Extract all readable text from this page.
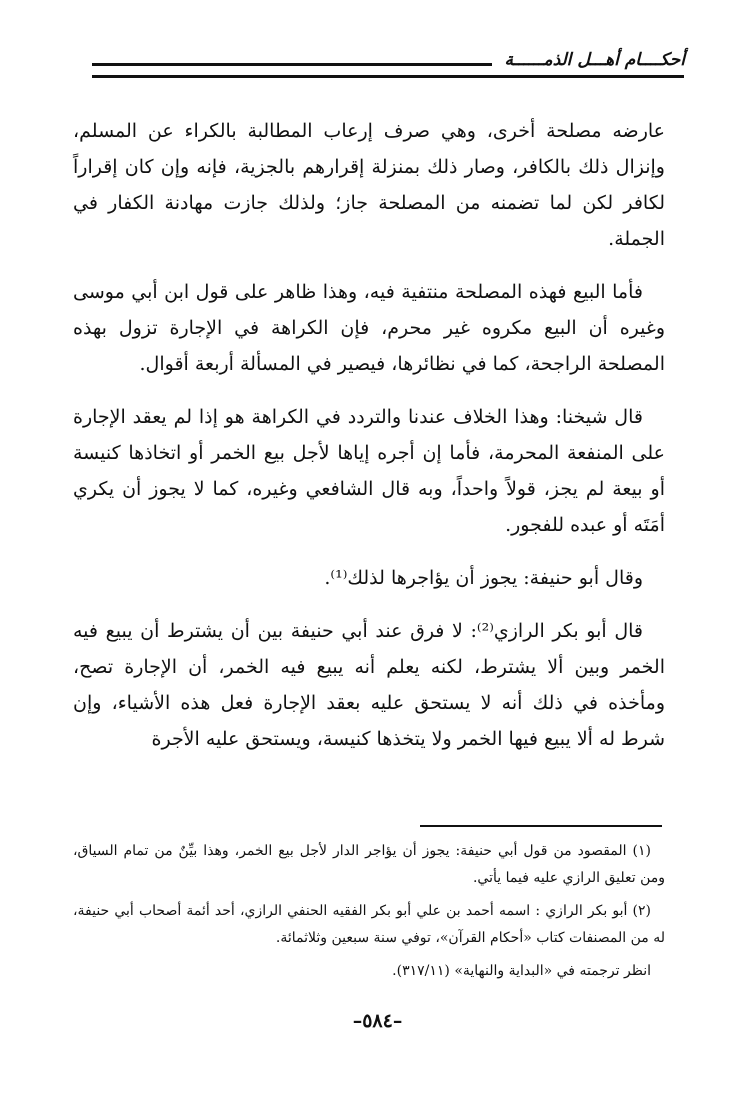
أحكــــام أهـــل الذمــــــة

عارضه مصلحة أخرى، وهي صرف إرعاب المطالبة بالكراء عن المسلم، وإنزال ذلك بالكافر، وصار ذلك بمنزلة إقرارهم بالجزية، فإنه وإن كان إقراراً لكافر لكن لما تضمنه من المصلحة جاز؛ ولذلك جازت مهادنة الكفار في الجملة.

فأما البيع فهذه المصلحة منتفية فيه، وهذا ظاهر على قول ابن أبي موسى وغيره أن البيع مكروه غير محرم، فإن الكراهة في الإجارة تزول بهذه المصلحة الراجحة، كما في نظائرها، فيصير في المسألة أربعة أقوال.

قال شيخنا: وهذا الخلاف عندنا والتردد في الكراهة هو إذا لم يعقد الإجارة على المنفعة المحرمة، فأما إن أجره إياها لأجل بيع الخمر أو اتخاذها كنيسة أو بيعة لم يجز، قولاً واحداً، وبه قال الشافعي وغيره، كما لا يجوز أن يكري أمَتَه أو عبده للفجور.

وقال أبو حنيفة: يجوز أن يؤاجرها لذلك⁽¹⁾.

قال أبو بكر الرازي⁽²⁾: لا فرق عند أبي حنيفة بين أن يشترط أن يبيع فيه الخمر وبين ألا يشترط، لكنه يعلم أنه يبيع فيه الخمر، أن الإجارة تصح، ومأخذه في ذلك أنه لا يستحق عليه بعقد الإجارة فعل هذه الأشياء، وإن شرط له ألا يبيع فيها الخمر ولا يتخذها كنيسة، ويستحق عليه الأجرة

(١) المقصود من قول أبي حنيفة: يجوز أن يؤاجر الدار لأجل بيع الخمر، وهذا بيِّنٌ من تمام السياق، ومن تعليق الرازي عليه فيما يأتي.

(٢) أبو بكر الرازي : اسمه أحمد بن علي أبو بكر الفقيه الحنفي الرازي، أحد أئمة أصحاب أبي حنيفة، له من المصنفات كتاب «أحكام القرآن»، توفي سنة سبعين وثلاثمائة.

انظر ترجمته في «البداية والنهاية» (٣١٧/١١).

–٥٨٤–
